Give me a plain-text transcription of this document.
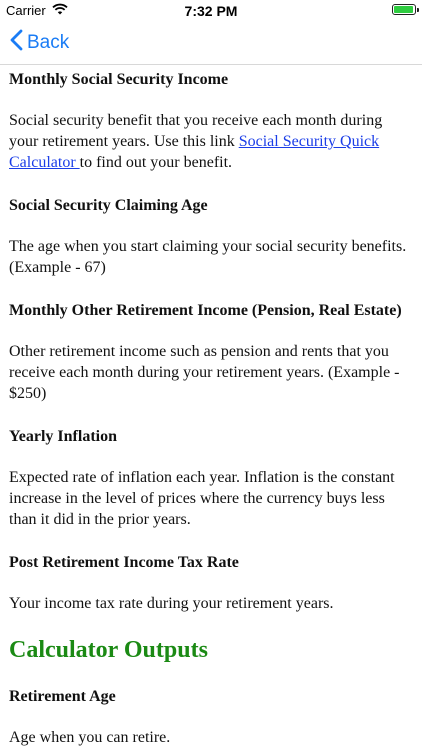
Carrier	7:32 PM
Back
Monthly Social Security Income

Social security benefit that you receive each month during your retirement years. Use this link Social Security Quick Calculator to find out your benefit.

Social Security Claiming Age

The age when you start claiming your social security benefits. (Example - 67)

Monthly Other Retirement Income (Pension, Real Estate)

Other retirement income such as pension and rents that you receive each month during your retirement years. (Example - $250)

Yearly Inflation

Expected rate of inflation each year. Inflation is the constant increase in the level of prices where the currency buys less than it did in the prior years.

Post Retirement Income Tax Rate

Your income tax rate during your retirement years.

Calculator Outputs
Retirement Age

Age when you can retire.
